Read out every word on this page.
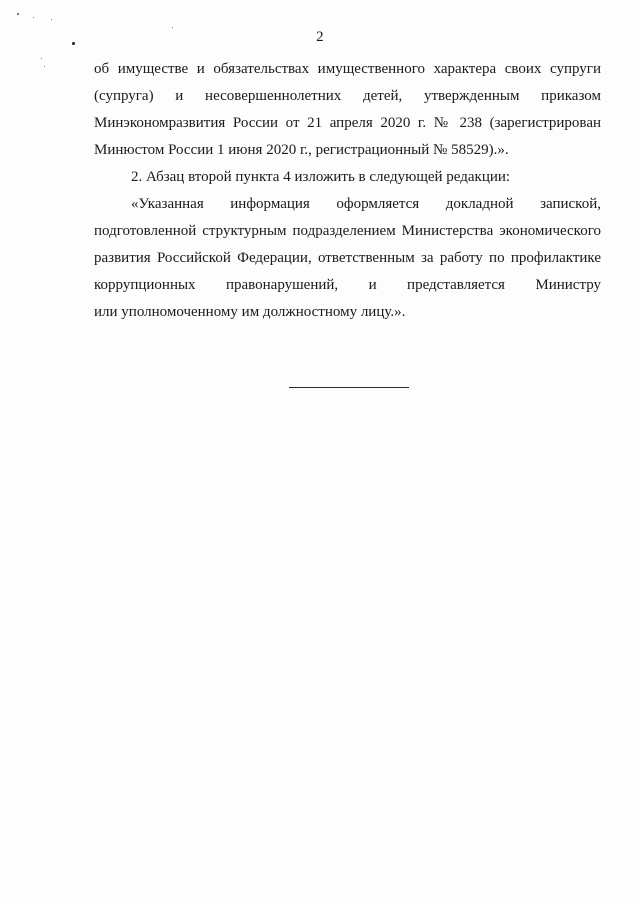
2
об имуществе и обязательствах имущественного характера своих супруги
(супруга) и несовершеннолетних детей, утвержденным приказом
Минэкономразвития России от 21 апреля 2020 г. № 238 (зарегистрирован
Минюстом России 1 июня 2020 г., регистрационный № 58529).».
2. Абзац второй пункта 4 изложить в следующей редакции:
«Указанная информация оформляется докладной запиской,
подготовленной структурным подразделением Министерства экономического
развития Российской Федерации, ответственным за работу по профилактике
коррупционных правонарушений, и представляется Министру
или уполномоченному им должностному лицу.».
